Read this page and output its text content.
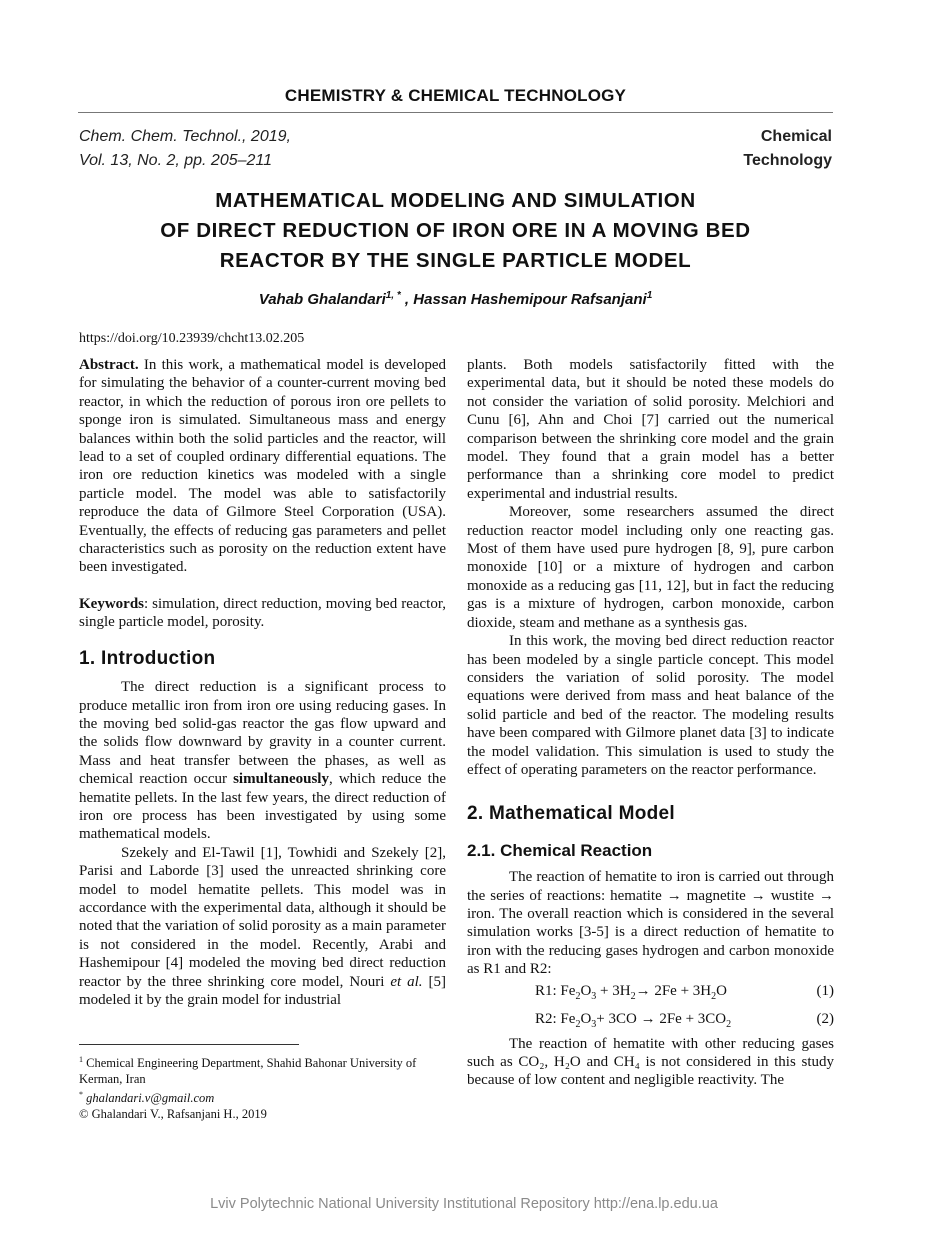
CHEMISTRY & CHEMICAL TECHNOLOGY
Chem. Chem. Technol., 2019,
Vol. 13, No. 2, pp. 205–211
Chemical
Technology
MATHEMATICAL MODELING AND SIMULATION
OF DIRECT REDUCTION OF IRON ORE IN A MOVING BED
REACTOR BY THE SINGLE PARTICLE MODEL
Vahab Ghalandari$^{1, *}$ , Hassan Hashemipour Rafsanjani$^1$
https://doi.org/10.23939/chcht13.02.205

Abstract. In this work, a mathematical model is developed for simulating the behavior of a counter-current moving bed reactor, in which the reduction of porous iron ore pellets to sponge iron is simulated. Simultaneous mass and energy balances within both the solid particles and the reactor, will lead to a set of coupled ordinary differential equations. The iron ore reduction kinetics was modeled with a single particle model. The model was able to satisfactorily reproduce the data of Gilmore Steel Corporation (USA). Eventually, the effects of reducing gas parameters and pellet characteristics such as porosity on the reduction extent have been investigated.

Keywords: simulation, direct reduction, moving bed reactor, single particle model, porosity.

1. Introduction

The direct reduction is a significant process to produce metallic iron from iron ore using reducing gases. In the moving bed solid-gas reactor the gas flow upward and the solids flow downward by gravity in a counter current. Mass and heat transfer between the phases, as well as chemical reaction occur simultaneously, which reduce the hematite pellets. In the last few years, the direct reduction of iron ore process has been investigated by using some mathematical models.

Szekely and El-Tawil [1], Towhidi and Szekely [2], Parisi and Laborde [3] used the unreacted shrinking core model to model hematite pellets. This model was in accordance with the experimental data, although it should be noted that the variation of solid porosity as a main parameter is not considered in the model. Recently, Arabi and Hashemipour [4] modeled the moving bed direct reduction reactor by the three shrinking core model, Nouri et al. [5] modeled it by the grain model for industrial

plants. Both models satisfactorily fitted with the experimental data, but it should be noted these models do not consider the variation of solid porosity. Melchiori and Cunu [6], Ahn and Choi [7] carried out the numerical comparison between the shrinking core model and the grain model. They found that a grain model has a better performance than a shrinking core model to predict experimental and industrial results.

Moreover, some researchers assumed the direct reduction reactor model including only one reacting gas. Most of them have used pure hydrogen [8, 9], pure carbon monoxide [10] or a mixture of hydrogen and carbon monoxide as a reducing gas [11, 12], but in fact the reducing gas is a mixture of hydrogen, carbon monoxide, carbon dioxide, steam and methane as a synthesis gas.

In this work, the moving bed direct reduction reactor has been modeled by a single particle concept. This model considers the variation of solid porosity. The model equations were derived from mass and heat balance of the solid particle and bed of the reactor. The modeling results have been compared with Gilmore planet data [3] to indicate the model validation. This simulation is used to study the effect of operating parameters on the reactor performance.

2. Mathematical Model

2.1. Chemical Reaction

The reaction of hematite to iron is carried out through the series of reactions: hematite → magnetite → wustite → iron. The overall reaction which is considered in the several simulation works [3-5] is a direct reduction of hematite to iron with the reducing gases hydrogen and carbon monoxide as R1 and R2:

R1: $Fe_2O_3 + 3H_2\to 2Fe + 3H_2O$	(1)
R2: $Fe_2O_3+ 3CO \to 2Fe + 3CO_2$	(2)

The reaction of hematite with other reducing gases such as CO₂, H₂O and CH₄ is not considered in this study because of low content and negligible reactivity. The

$^1$ Chemical Engineering Department, Shahid Bahonar University of Kerman, Iran
* ghalandari.v@gmail.com
© Ghalandari V., Rafsanjani H., 2019
Lviv Polytechnic National University Institutional Repository http://ena.lp.edu.ua
